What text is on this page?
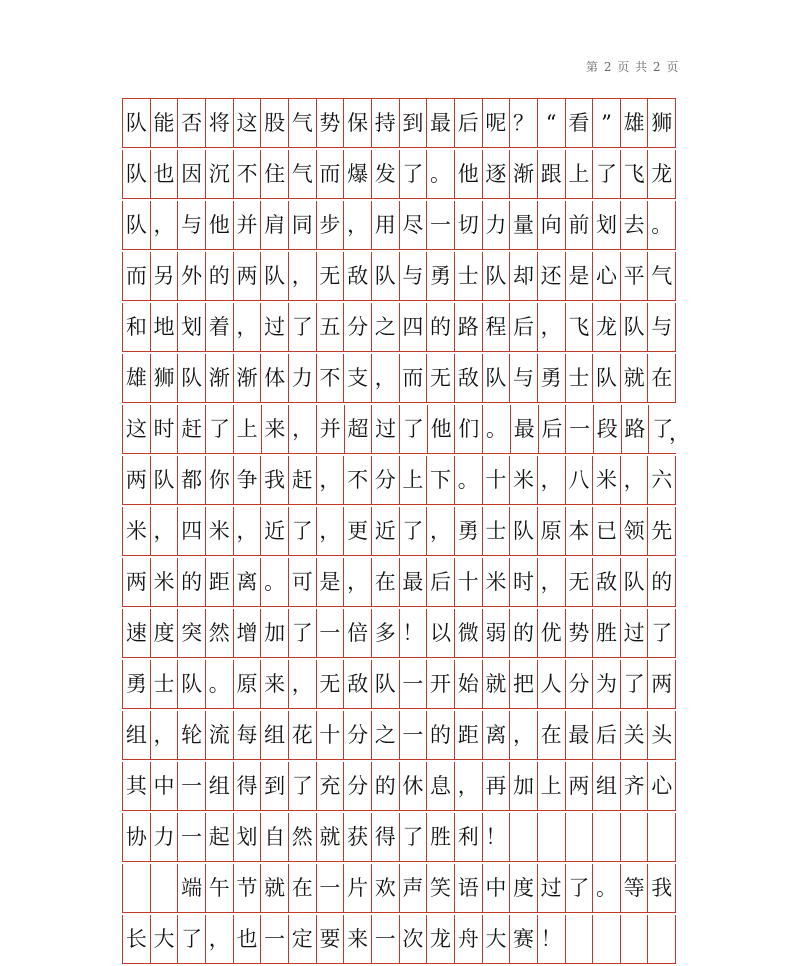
第 2 页 共 2 页
队 能 否 将 这 股 气 势 保 持 到 最 后 呢 ？ “ 看 ” 雄 狮
队 也 因 沉 不 住 气 而 爆 发 了 。 他 逐 渐 跟 上 了 飞 龙
队 ， 与 他 并 肩 同 步 ， 用 尽 一 切 力 量 向 前 划 去 。
而 另 外 的 两 队 ， 无 敌 队 与 勇 士 队 却 还 是 心 平 气
和 地 划 着 ， 过 了 五 分 之 四 的 路 程 后 ， 飞 龙 队 与
雄 狮 队 渐 渐 体 力 不 支 ， 而 无 敌 队 与 勇 士 队 就 在
这 时 赶 了 上 来 ， 并 超 过 了 他 们 。 最 后 一 段 路 了
，
两 队 都 你 争 我 赶 ， 不 分 上 下 。 十 米 ， 八 米 ， 六
米 ， 四 米 ， 近 了 ， 更 近 了 ， 勇 士 队 原 本 已 领 先
两 米 的 距 离 。 可 是 ， 在 最 后 十 米 时 ， 无 敌 队 的
速 度 突 然 增 加 了 一 倍 多 ！ 以 微 弱 的 优 势 胜 过 了
勇 士 队 。 原 来 ， 无 敌 队 一 开 始 就 把 人 分 为 了 两
组 ， 轮 流 每 组 花 十 分 之 一 的 距 离 ， 在 最 后 关 头
其 中 一 组 得 到 了 充 分 的 休 息 ， 再 加 上 两 组 齐 心
协 力 一 起 划 自 然 就 获 得 了 胜 利 ！
端 午 节 就 在 一 片 欢 声 笑 语 中 度 过 了 。 等 我
长 大 了 ， 也 一 定 要 来 一 次 龙 舟 大 赛 ！
